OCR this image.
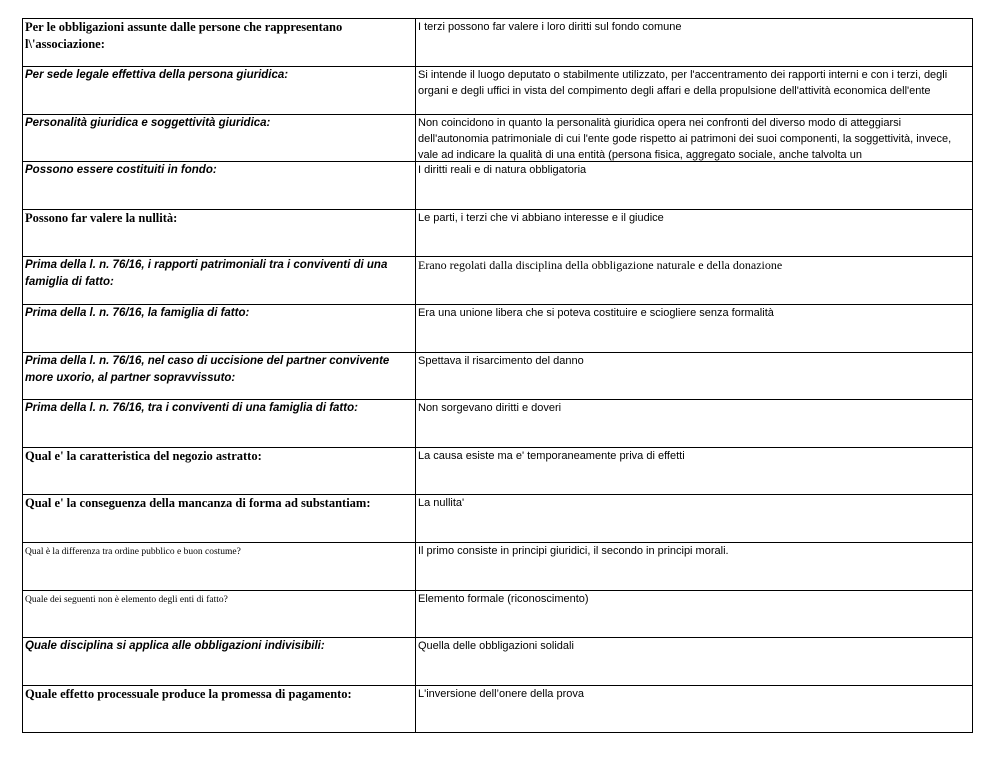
Per le obbligazioni assunte dalle persone che rappresentano l\'associazione:	I terzi possono far valere i loro diritti sul fondo comune
Per sede legale effettiva della persona giuridica:	Si intende il luogo deputato o stabilmente utilizzato, per l'accentramento dei rapporti interni e con i terzi, degli organi e degli uffici in vista del compimento degli affari e della propulsione dell'attività economica dell'ente

Personalità giuridica e soggettività giuridica:	Non coincidono in quanto la personalità giuridica opera nei confronti del diverso modo di atteggiarsi dell'autonomia patrimoniale di cui l'ente gode rispetto ai patrimoni dei suoi componenti, la soggettività, invece, vale ad indicare la qualità di una entità (persona fisica, aggregato sociale, anche talvolta un

Possono essere costituiti in fondo:	I diritti reali e di natura obbligatoria
Possono far valere la nullità:	Le parti, i terzi che vi abbiano interesse e il giudice
Prima della l. n. 76/16, i rapporti patrimoniali tra i conviventi di una famiglia di fatto:	Erano regolati dalla disciplina della obbligazione naturale e della donazione
Prima della l. n. 76/16, la famiglia di fatto:	Era una unione libera che si poteva costituire e sciogliere senza formalità
Prima della l. n. 76/16, nel caso di uccisione del partner convivente more uxorio, al partner sopravvissuto:	Spettava il risarcimento del danno
Prima della l. n. 76/16, tra i conviventi di una famiglia di fatto:	Non sorgevano diritti e doveri
Qual e' la caratteristica del negozio astratto:	La causa esiste ma e' temporaneamente priva di effetti
Qual e' la conseguenza della mancanza di forma ad substantiam:	La nullita'
Qual è la differenza tra ordine pubblico e buon costume?	Il primo consiste in principi giuridici, il secondo in principi morali.
Quale dei seguenti non è elemento degli enti di fatto?	Elemento formale (riconoscimento)
Quale disciplina si applica alle obbligazioni indivisibili:	Quella delle obbligazioni solidali
Quale effetto processuale produce la promessa di pagamento:	L'inversione dell’onere della prova
